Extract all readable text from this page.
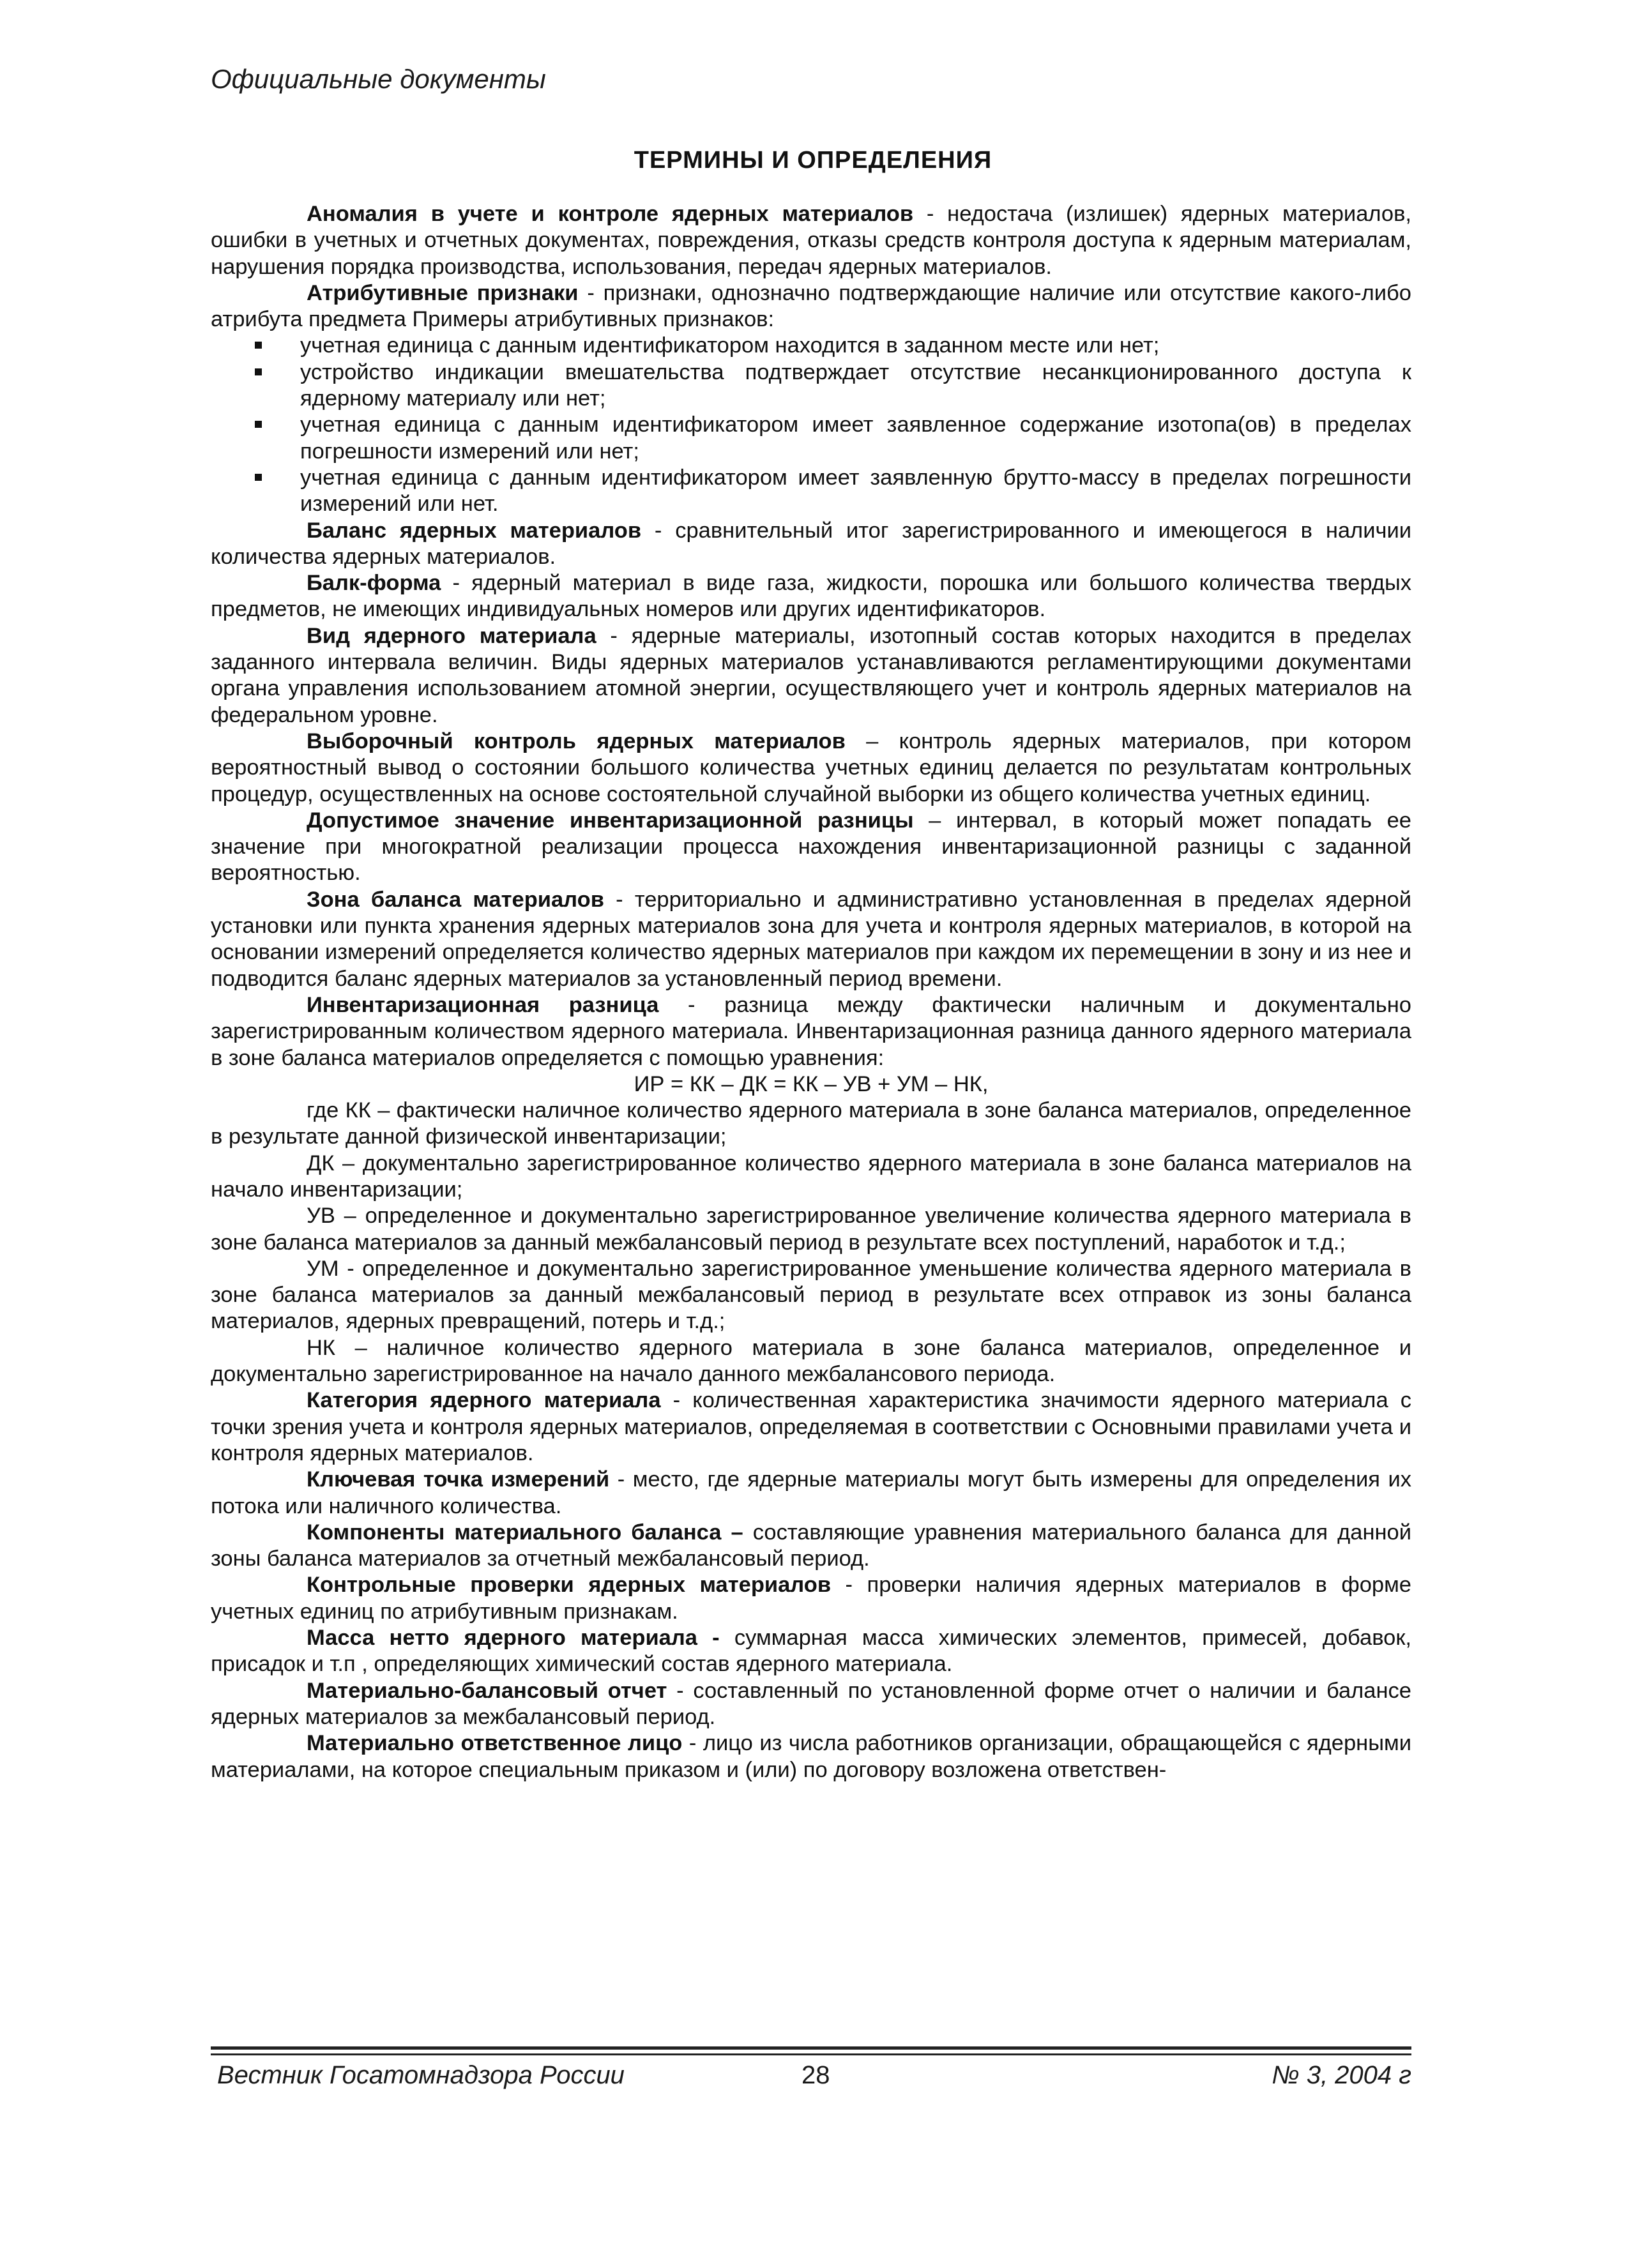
Официальные документы
ТЕРМИНЫ И ОПРЕДЕЛЕНИЯ

Аномалия в учете и контроле ядерных материалов - недостача (излишек) ядерных материалов, ошибки в учетных и отчетных документах, повреждения, отказы средств контроля доступа к ядерным материалам, нарушения порядка производства, использования, передач ядерных материалов.

Атрибутивные признаки - признаки, однозначно подтверждающие наличие или отсутствие какого-либо атрибута предмета Примеры атрибутивных признаков:

учетная единица с данным идентификатором находится в заданном месте или нет;
устройство индикации вмешательства подтверждает отсутствие несанкционированного доступа к ядерному материалу или нет;
учетная единица с данным идентификатором имеет заявленное содержание изотопа(ов) в пределах погрешности измерений или нет;
учетная единица с данным идентификатором имеет заявленную брутто-массу в пределах погрешности измерений или нет.

Баланс ядерных материалов - сравнительный итог зарегистрированного и имеющегося в наличии количества ядерных материалов.

Балк-форма - ядерный материал в виде газа, жидкости, порошка или большого количества твердых предметов, не имеющих индивидуальных номеров или других идентификаторов.

Вид ядерного материала - ядерные материалы, изотопный состав которых находится в пределах заданного интервала величин. Виды ядерных материалов устанавливаются регламентирующими документами органа управления использованием атомной энергии, осуществляющего учет и контроль ядерных материалов на федеральном уровне.

Выборочный контроль ядерных материалов – контроль ядерных материалов, при котором вероятностный вывод о состоянии большого количества учетных единиц делается по результатам контрольных процедур, осуществленных на основе состоятельной случайной выборки из общего количества учетных единиц.

Допустимое значение инвентаризационной разницы – интервал, в который может попадать ее значение при многократной реализации процесса нахождения инвентаризационной разницы с заданной вероятностью.

Зона баланса материалов - территориально и административно установленная в пределах ядерной установки или пункта хранения ядерных материалов зона для учета и контроля ядерных материалов, в которой на основании измерений определяется количество ядерных материалов при каждом их перемещении в зону и из нее и подводится баланс ядерных материалов за установленный период времени.

Инвентаризационная разница - разница между фактически наличным и документально зарегистрированным количеством ядерного материала. Инвентаризационная разница данного ядерного материала в зоне баланса материалов определяется с помощью уравнения:

ИР = КК – ДК = КК – УВ + УМ – НК,

где КК – фактически наличное количество ядерного материала в зоне баланса материалов, определенное в результате данной физической инвентаризации;

ДК – документально зарегистрированное количество ядерного материала в зоне баланса материалов на начало инвентаризации;

УВ – определенное и документально зарегистрированное увеличение количества ядерного материала в зоне баланса материалов за данный межбалансовый период в результате всех поступлений, наработок и т.д.;

УМ - определенное и документально зарегистрированное уменьшение количества ядерного материала в зоне баланса материалов за данный межбалансовый период в результате всех отправок из зоны баланса материалов, ядерных превращений, потерь и т.д.;

НК – наличное количество ядерного материала в зоне баланса материалов, определенное и документально зарегистрированное на начало данного межбалансового периода.

Категория ядерного материала - количественная характеристика значимости ядерного материала с точки зрения учета и контроля ядерных материалов, определяемая в соответствии с Основными правилами учета и контроля ядерных материалов.

Ключевая точка измерений - место, где ядерные материалы могут быть измерены для определения их потока или наличного количества.

Компоненты материального баланса – составляющие уравнения материального баланса для данной зоны баланса материалов за отчетный межбалансовый период.

Контрольные проверки ядерных материалов - проверки наличия ядерных материалов в форме учетных единиц по атрибутивным признакам.

Масса нетто ядерного материала - суммарная масса химических элементов, примесей, добавок, присадок и т.п , определяющих химический состав ядерного материала.

Материально-балансовый отчет - составленный по установленной форме отчет о наличии и балансе ядерных материалов за межбалансовый период.

Материально ответственное лицо - лицо из числа работников организации, обращающейся с ядерными материалами, на которое специальным приказом и (или) по договору возложена ответствен-

Вестник Госатомнадзора России	28	№ 3, 2004 г
